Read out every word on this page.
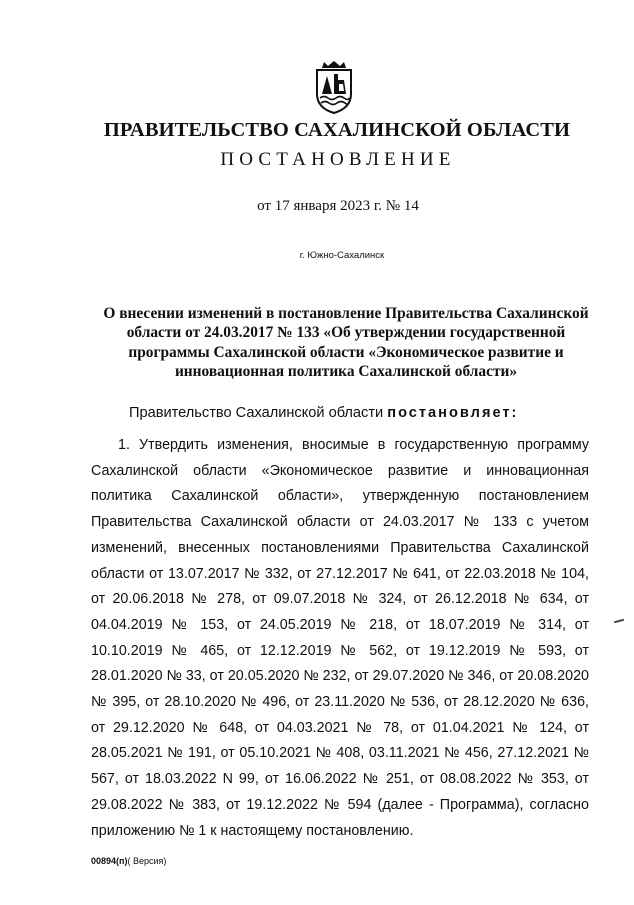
ПРАВИТЕЛЬСТВО САХАЛИНСКОЙ ОБЛАСТИ
ПОСТАНОВЛЕНИЕ
от 17 января 2023 г. № 14
г. Южно-Сахалинск
О внесении изменений в постановление Правительства Сахалинской области от 24.03.2017 № 133 «Об утверждении государственной программы Сахалинской области «Экономическое развитие и инновационная политика Сахалинской области»
Правительство Сахалинской области постановляет:

1. Утвердить изменения, вносимые в государственную программу Сахалинской области «Экономическое развитие и инновационная политика Сахалинской области», утвержденную постановлением Правительства Сахалинской области от 24.03.2017 № 133 с учетом изменений, внесенных постановлениями Правительства Сахалинской области от 13.07.2017 № 332, от 27.12.2017 № 641, от 22.03.2018 № 104, от 20.06.2018 № 278, от 09.07.2018 № 324, от 26.12.2018 № 634, от 04.04.2019 № 153, от 24.05.2019 № 218, от 18.07.2019 № 314, от 10.10.2019 № 465, от 12.12.2019 № 562, от 19.12.2019 № 593, от 28.01.2020 № 33, от 20.05.2020 № 232, от 29.07.2020 № 346, от 20.08.2020 № 395, от 28.10.2020 № 496, от 23.11.2020 № 536, от 28.12.2020 № 636, от 29.12.2020 № 648, от 04.03.2021 № 78, от 01.04.2021 № 124, от 28.05.2021 № 191, от 05.10.2021 № 408, 03.11.2021 № 456, 27.12.2021 № 567, от 18.03.2022 N 99, от 16.06.2022 № 251, от 08.08.2022 № 353, от 29.08.2022 № 383, от 19.12.2022 № 594 (далее - Программа), согласно приложению № 1 к настоящему постановлению.

00894(п)( Версия)
